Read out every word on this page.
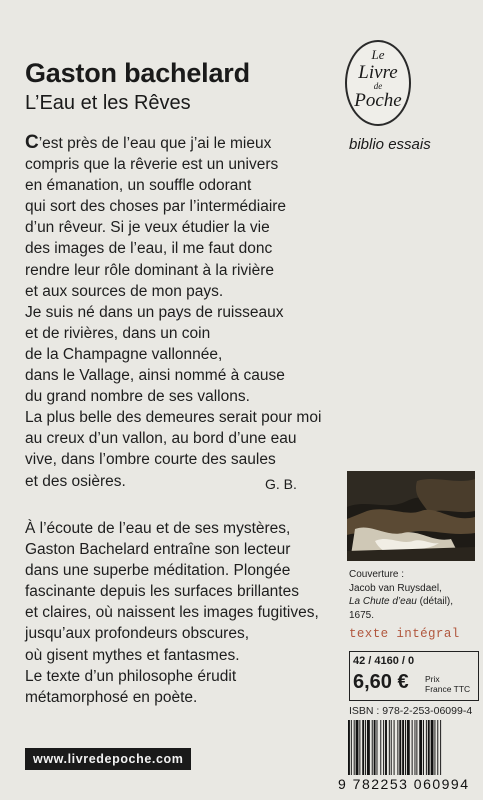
Gaston bachelard
L’Eau et les Rêves
Le
Livre
de
Poche
biblio essais
C’est près de l’eau que j’ai le mieux
compris que la rêverie est un univers
en émanation, un souffle odorant
qui sort des choses par l’intermédiaire
d’un rêveur. Si je veux étudier la vie
des images de l’eau, il me faut donc
rendre leur rôle dominant à la rivière
et aux sources de mon pays.
Je suis né dans un pays de ruisseaux
et de rivières, dans un coin
de la Champagne vallonnée,
dans le Vallage, ainsi nommé à cause
du grand nombre de ses vallons.
La plus belle des demeures serait pour moi
au creux d’un vallon, au bord d’une eau
vive, dans l’ombre courte des saules
et des osières.	G. B.
À l’écoute de l’eau et de ses mystères,
Gaston Bachelard entraîne son lecteur
dans une superbe méditation. Plongée
fascinante depuis les surfaces brillantes
et claires, où naissent les images fugitives,
jusqu’aux profondeurs obscures,
où gisent mythes et fantasmes.
Le texte d’un philosophe érudit
métamorphosé en poète.
Couverture :
Jacob van Ruysdael,
La Chute d’eau (détail),
1675.
texte intégral
42 / 4160 / 0
6,60 € Prix
France TTC
ISBN : 978-2-253-06099-4
9 782253 060994
www.livredepoche.com
